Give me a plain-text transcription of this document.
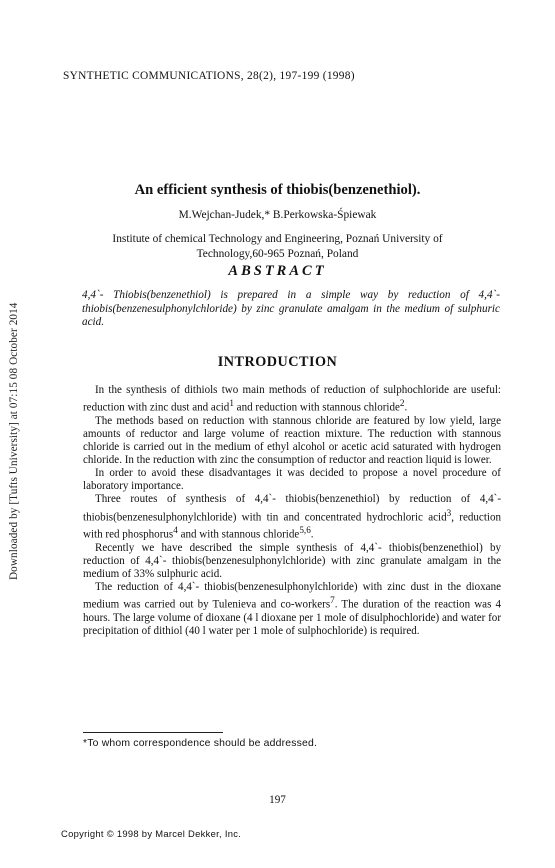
Downloaded by [Tufts University] at 07:15 08 October 2014
SYNTHETIC COMMUNICATIONS, 28(2), 197-199 (1998)
An efficient synthesis of thiobis(benzenethiol).
M.Wejchan-Judek,* B.Perkowska-Śpiewak
Institute of chemical Technology and Engineering, Poznań University of
Technology,60-965 Poznań, Poland
ABSTRACT
4,4`- Thiobis(benzenethiol) is prepared in a simple way by reduction of 4,4`-thiobis(benzenesulphonylchloride) by zinc granulate amalgam in the medium of sulphuric acid.
INTRODUCTION

In the synthesis of dithiols two main methods of reduction of sulphochloride are useful: reduction with zinc dust and acid$^1$ and reduction with stannous chloride$^2$.

The methods based on reduction with stannous chloride are featured by low yield, large amounts of reductor and large volume of reaction mixture. The reduction with stannous chloride is carried out in the medium of ethyl alcohol or acetic acid saturated with hydrogen chloride. In the reduction with zinc the consumption of reductor and reaction liquid is lower.

In order to avoid these disadvantages it was decided to propose a novel procedure of laboratory importance.

Three routes of synthesis of 4,4`- thiobis(benzenethiol) by reduction of 4,4`-thiobis(benzenesulphonylchloride) with tin and concentrated hydrochloric acid$^3$, reduction with red phosphorus$^4$ and with stannous chloride$^{5,6}$.

Recently we have described the simple synthesis of 4,4`- thiobis(benzenethiol) by reduction of 4,4`- thiobis(benzenesulphonylchloride) with zinc granulate amalgam in the medium of 33% sulphuric acid.

The reduction of 4,4`- thiobis(benzenesulphonylchloride) with zinc dust in the dioxane medium was carried out by Tulenieva and co-workers$^7$. The duration of the reaction was 4 hours. The large volume of dioxane (4 l dioxane per 1 mole of disulphochloride) and water for precipitation of dithiol (40 l water per 1 mole of sulphochloride) is required.

*To whom correspondence should be addressed.
197
Copyright © 1998 by Marcel Dekker, Inc.
